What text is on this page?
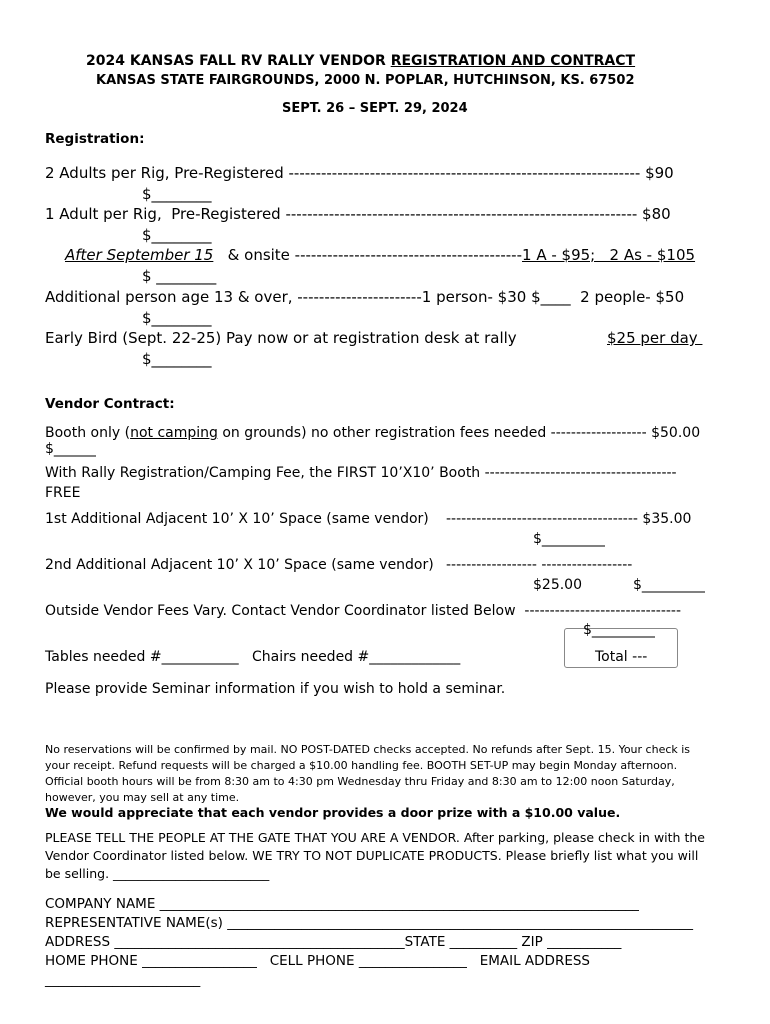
2024 KANSAS FALL RV RALLY VENDOR REGISTRATION AND CONTRACT
KANSAS STATE FAIRGROUNDS, 2000 N. POPLAR, HUTCHINSON, KS. 67502
SEPT. 26 – SEPT. 29, 2024
Registration:
2 Adults per Rig, Pre-Registered ----------------------------------------------------------------- $90
$________
1 Adult per Rig,  Pre-Registered ----------------------------------------------------------------- $80
$________
After September 15 & onsite ------------------------------------------1 A - $95;   2 As - $105
$ ________
Additional person age 13 & over, -----------------------1 person- $30 $____  2 people- $50
$________
Early Bird (Sept. 22-25) Pay now or at registration desk at rally	$25 per day
$________
Vendor Contract:
Booth only (not camping on grounds) no other registration fees needed ------------------- $50.00
$______
With Rally Registration/Camping Fee, the FIRST 10’X10’ Booth --------------------------------------
FREE
1st Additional Adjacent 10’ X 10’ Space (same vendor) -------------------------------------- $35.00
$_________
2nd Additional Adjacent 10’ X 10’ Space (same vendor) ------------------ ------------------
$25.00	$_________
Outside Vendor Fees Vary. Contact Vendor Coordinator listed Below  -------------------------------
$_________
Tables needed #___________   Chairs needed #_____________	Total ---
Please provide Seminar information if you wish to hold a seminar.
No reservations will be confirmed by mail. NO POST-DATED checks accepted. No refunds after Sept. 15. Your check is
your receipt. Refund requests will be charged a $10.00 handling fee. BOOTH SET-UP may begin Monday afternoon.
Official booth hours will be from 8:30 am to 4:30 pm Wednesday thru Friday and 8:30 am to 12:00 noon Saturday,
however, you may sell at any time.
We would appreciate that each vendor provides a door prize with a $10.00 value.
PLEASE TELL THE PEOPLE AT THE GATE THAT YOU ARE A VENDOR. After parking, please check in with the
Vendor Coordinator listed below. WE TRY TO NOT DUPLICATE PRODUCTS. Please briefly list what you will
be selling. _________________________
COMPANY NAME _______________________________________________________________________
REPRESENTATIVE NAME(s) _____________________________________________________________________
ADDRESS ___________________________________________STATE __________ ZIP ___________
HOME PHONE _________________   CELL PHONE ________________   EMAIL ADDRESS
_______________________
